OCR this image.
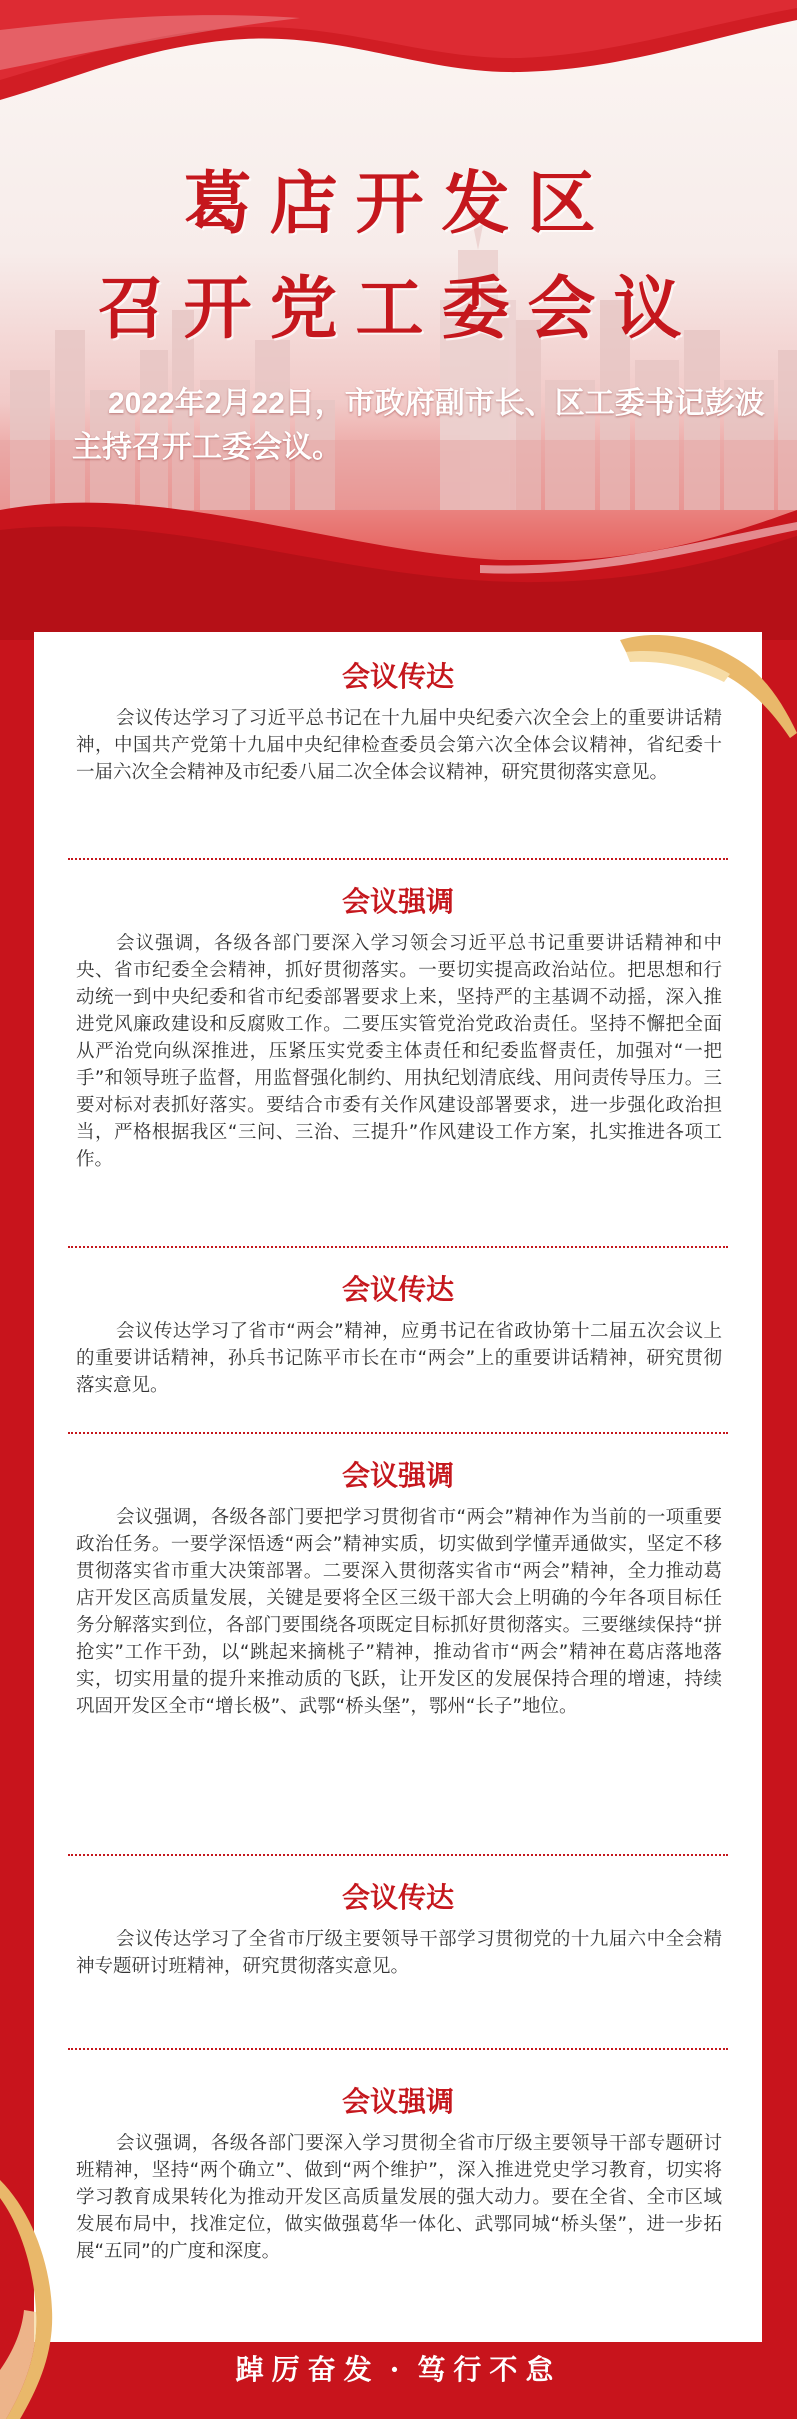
葛店开发区
召开党工委会议
2022年2月22日，市政府副市长、区工委书记彭波主持召开工委会议。
会议传达

会议传达学习了习近平总书记在十九届中央纪委六次全会上的重要讲话精神，中国共产党第十九届中央纪律检查委员会第六次全体会议精神，省纪委十一届六次全会精神及市纪委八届二次全体会议精神，研究贯彻落实意见。

会议强调

会议强调，各级各部门要深入学习领会习近平总书记重要讲话精神和中央、省市纪委全会精神，抓好贯彻落实。一要切实提高政治站位。把思想和行动统一到中央纪委和省市纪委部署要求上来，坚持严的主基调不动摇，深入推进党风廉政建设和反腐败工作。二要压实管党治党政治责任。坚持不懈把全面从严治党向纵深推进，压紧压实党委主体责任和纪委监督责任，加强对“一把手”和领导班子监督，用监督强化制约、用执纪划清底线、用问责传导压力。三要对标对表抓好落实。要结合市委有关作风建设部署要求，进一步强化政治担当，严格根据我区“三问、三治、三提升”作风建设工作方案，扎实推进各项工作。

会议传达

会议传达学习了省市“两会”精神，应勇书记在省政协第十二届五次会议上的重要讲话精神，孙兵书记陈平市长在市“两会”上的重要讲话精神，研究贯彻落实意见。

会议强调

会议强调，各级各部门要把学习贯彻省市“两会”精神作为当前的一项重要政治任务。一要学深悟透“两会”精神实质，切实做到学懂弄通做实，坚定不移贯彻落实省市重大决策部署。二要深入贯彻落实省市“两会”精神，全力推动葛店开发区高质量发展，关键是要将全区三级干部大会上明确的今年各项目标任务分解落实到位，各部门要围绕各项既定目标抓好贯彻落实。三要继续保持“拼抢实”工作干劲，以“跳起来摘桃子”精神，推动省市“两会”精神在葛店落地落实，切实用量的提升来推动质的飞跃，让开发区的发展保持合理的增速，持续巩固开发区全市“增长极”、武鄂“桥头堡”，鄂州“长子”地位。

会议传达

会议传达学习了全省市厅级主要领导干部学习贯彻党的十九届六中全会精神专题研讨班精神，研究贯彻落实意见。

会议强调

会议强调，各级各部门要深入学习贯彻全省市厅级主要领导干部专题研讨班精神，坚持“两个确立”、做到“两个维护”，深入推进党史学习教育，切实将学习教育成果转化为推动开发区高质量发展的强大动力。要在全省、全市区域发展布局中，找准定位，做实做强葛华一体化、武鄂同城“桥头堡”，进一步拓展“五同”的广度和深度。

踔厉奋发 · 笃行不怠
